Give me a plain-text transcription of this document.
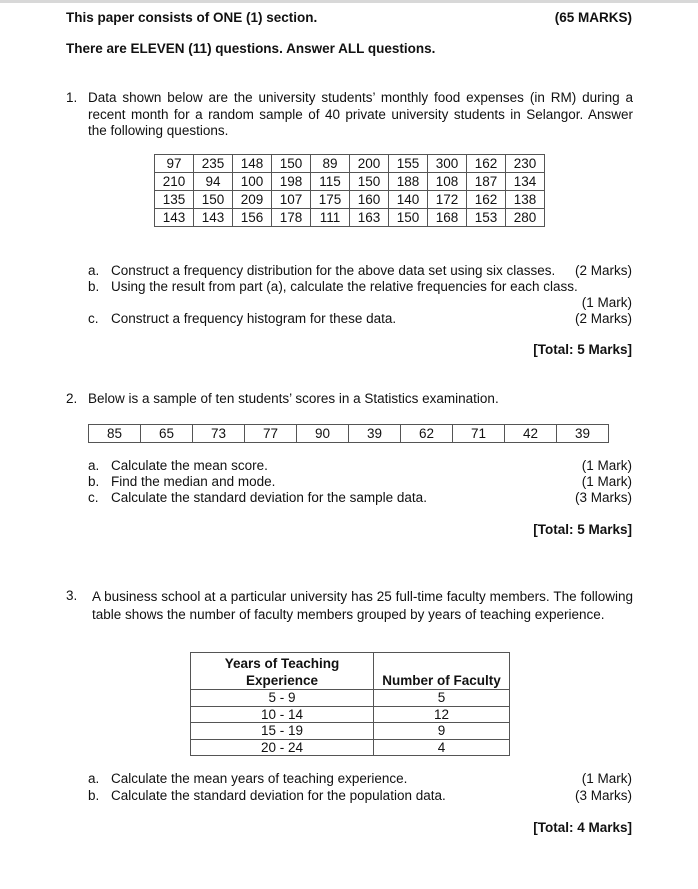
This paper consists of ONE (1) section.	(65 MARKS)
There are ELEVEN (11) questions. Answer ALL questions.
1. Data shown below are the university students’ monthly food expenses (in RM) during a recent month for a random sample of 40 private university students in Selangor. Answer the following questions.
97	235	148	150	89	200	155	300	162	230
210	94	100	198	115	150	188	108	187	134
135	150	209	107	175	160	140	172	162	138
143	143	156	178	111	163	150	168	153	280
a. Construct a frequency distribution for the above data set using six classes. (2 Marks)
b. Using the result from part (a), calculate the relative frequencies for each class.
(1 Mark)
c. Construct a frequency histogram for these data.	(2 Marks)
[Total: 5 Marks]
2. Below is a sample of ten students’ scores in a Statistics examination.
85	65	73	77	90	39	62	71	42	39
a. Calculate the mean score.	(1 Mark)
b. Find the median and mode.	(1 Mark)
c. Calculate the standard deviation for the sample data.	(3 Marks)
[Total: 5 Marks]
3. A business school at a particular university has 25 full-time faculty members. The following table shows the number of faculty members grouped by years of teaching experience.
Years of Teaching
Experience	Number of Faculty
5 - 9	5
10 - 14	12
15 - 19	9
20 - 24	4
a. Calculate the mean years of teaching experience.	(1 Mark)
b. Calculate the standard deviation for the population data.	(3 Marks)
[Total: 4 Marks]
